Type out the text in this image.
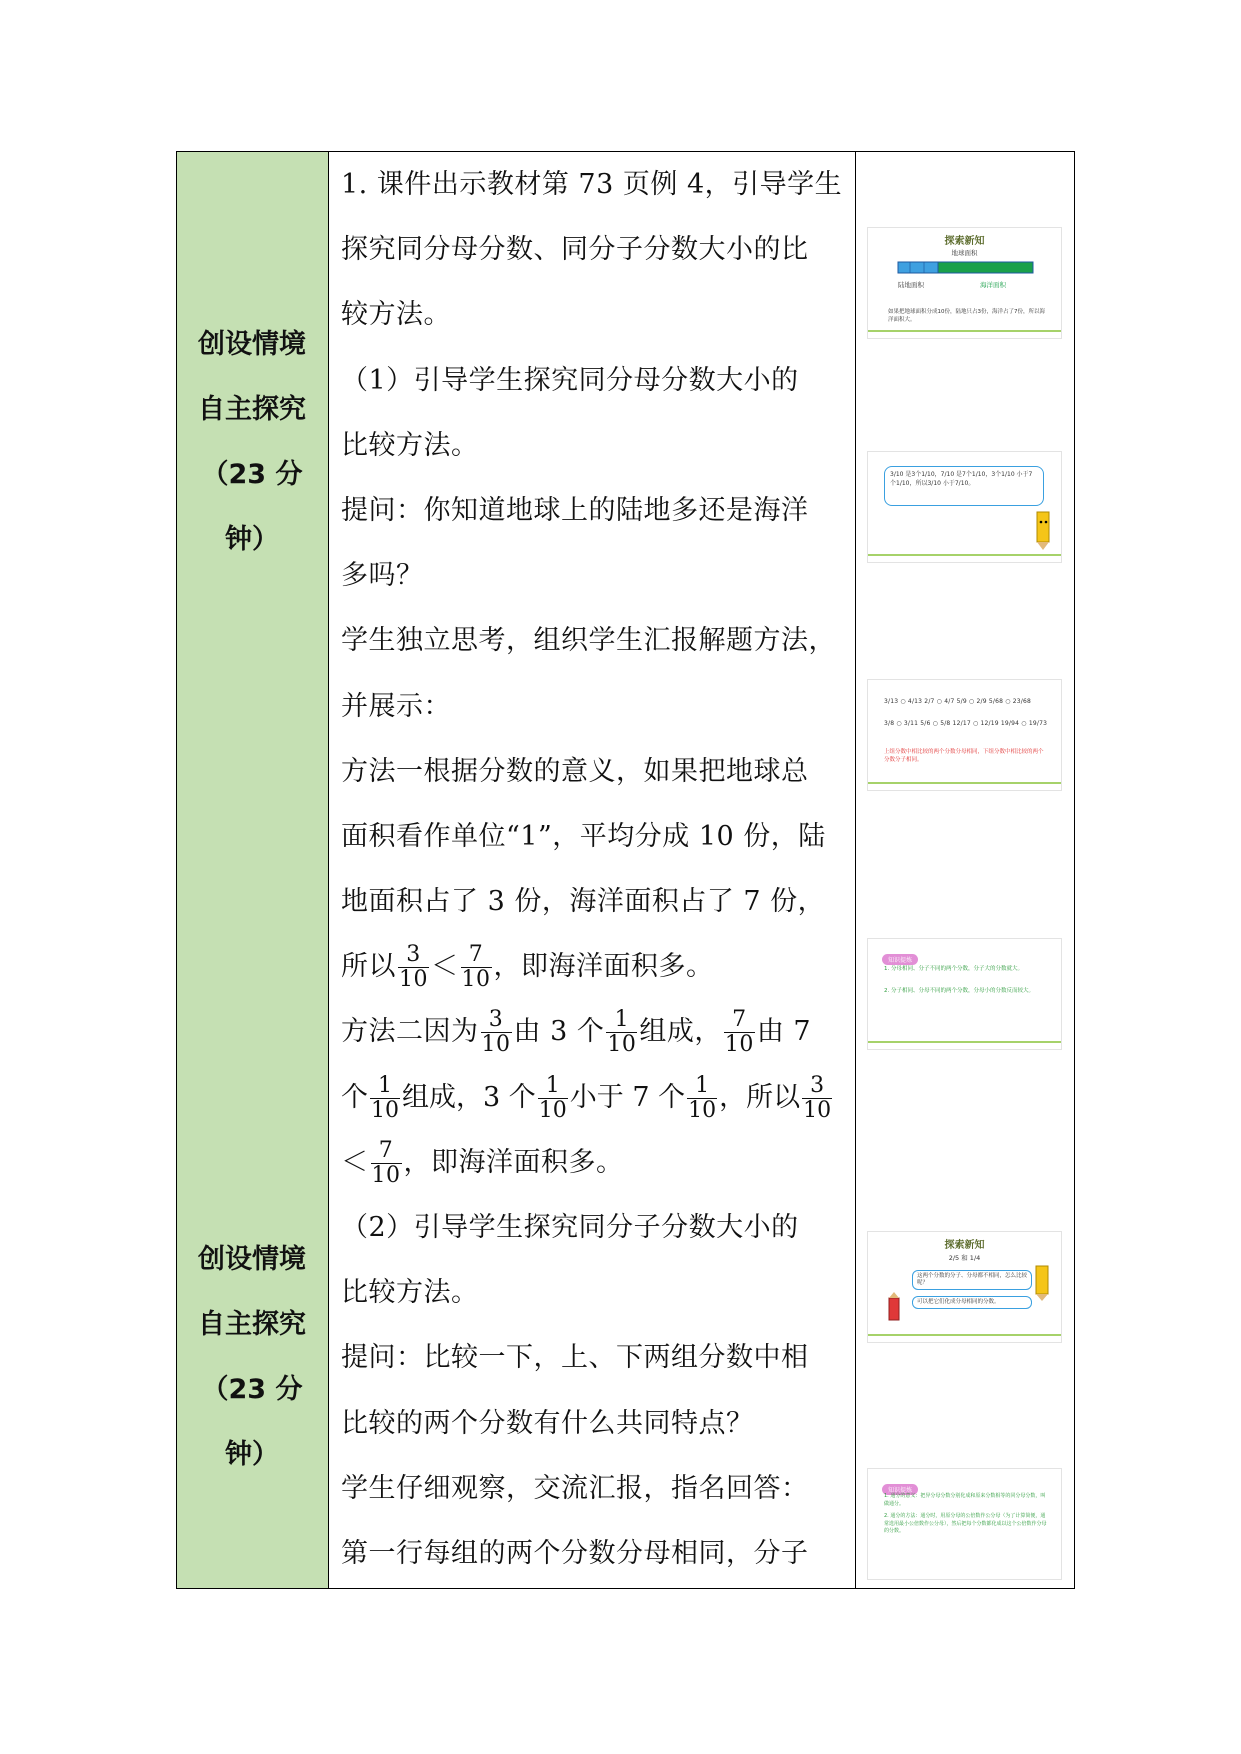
创设情境
自主探究
（23 分
钟）
创设情境
自主探究
（23 分
钟）
1. 课件出示教材第 73 页例 4，引导学生
探究同分母分数、同分子分数大小的比
较方法。
（1）引导学生探究同分母分数大小的
比较方法。
提问：你知道地球上的陆地多还是海洋
多吗？
学生独立思考，组织学生汇报解题方法，
并展示：
方法一根据分数的意义，如果把地球总
面积看作单位“1”，平均分成 10 份，陆
地面积占了 3 份，海洋面积占了 7 份，
所以 $\frac{3}{10} < \frac{7}{10}$ ，即海洋面积多。
方法二因为 $\frac{3}{10}$ 由 3 个 $\frac{1}{10}$ 组成， $\frac{7}{10}$ 由 7
个 $\frac{1}{10}$ 组成，3 个 $\frac{1}{10}$ 小于 7 个 $\frac{1}{10}$ ，所以 $\frac{3}{10}$
＜ $\frac{7}{10}$ ，即海洋面积多。
（2）引导学生探究同分子分数大小的
比较方法。
提问：比较一下，上、下两组分数中相
比较的两个分数有什么共同特点？
学生仔细观察，交流汇报，指名回答：
第一行每组的两个分数分母相同，分子
探索新知
地球面积
陆地面积	海洋面积
如果把地球面积分成10份，陆地只占3份，海洋占了7份，所以海洋面积大。
3/10 是3个1/10，7/10 是7个1/10，3个1/10 小于7个1/10，所以3/10 小于7/10。
3/13 ○ 4/13 2/7 ○ 4/7 5/9 ○ 2/9 5/68 ○ 23/68
3/8 ○ 3/11 5/6 ○ 5/8 12/17 ○ 12/19 19/94 ○ 19/73
上组分数中相比较的两个分数分母相同，下组分数中相比较的两个分数分子相同。
知识提炼
1. 分母相同、分子不同的两个分数，分子大的分数就大。
2. 分子相同、分母不同的两个分数，分母小的分数反而较大。
探索新知
2/5 和 1/4
这两个分数的分子、分母都不相同，怎么比较呢？
可以把它们化成分母相同的分数。
知识提炼
1. 通分的意义：把异分母分数分别化成和原来分数相等的同分母分数，叫做通分。
2. 通分的方法：通分时，用原分母的公倍数作公分母（为了计算简便，通常选用最小公倍数作公分母），然后把每个分数都化成以这个公倍数作分母的分数。
